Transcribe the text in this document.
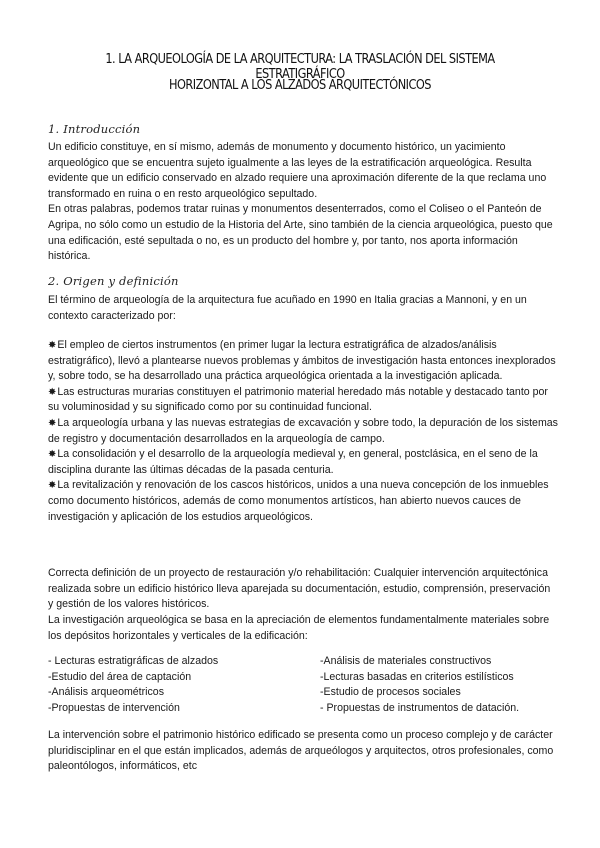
1. LA ARQUEOLOGÍA DE LA ARQUITECTURA: LA TRASLACIÓN DEL SISTEMA ESTRATIGRÁFICO
HORIZONTAL A LOS ALZADOS ARQUITECTÓNICOS
1. Introducción
Un edificio constituye, en sí mismo, además de monumento y documento histórico, un yacimiento arqueológico que se encuentra sujeto igualmente a las leyes de la estratificación arqueológica. Resulta evidente que un edificio conservado en alzado requiere una aproximación diferente de la que reclama uno transformado en ruina o en resto arqueológico sepultado.
En otras palabras, podemos tratar ruinas y monumentos desenterrados, como el Coliseo o el Panteón de Agripa, no sólo como un estudio de la Historia del Arte, sino también de la ciencia arqueológica, puesto que una edificación, esté sepultada o no, es un producto del hombre y, por tanto, nos aporta información histórica.
2. Origen y definición
El término de arqueología de la arquitectura fue acuñado en 1990 en Italia gracias a Mannoni, y en un contexto caracterizado por:
✸El empleo de ciertos instrumentos (en primer lugar la lectura estratigráfica de alzados/análisis estratigráfico), llevó a plantearse nuevos problemas y ámbitos de investigación hasta entonces inexplorados y, sobre todo, se ha desarrollado una práctica arqueológica orientada a la investigación aplicada.
✸Las estructuras murarias constituyen el patrimonio material heredado más notable y destacado tanto por su voluminosidad y su significado como por su continuidad funcional.
✸La arqueología urbana y las nuevas estrategias de excavación y sobre todo, la depuración de los sistemas de registro y documentación desarrollados en la arqueología de campo.
✸La consolidación y el desarrollo de la arqueología medieval y, en general, postclásica, en el seno de la disciplina durante las últimas décadas de la pasada centuria.
✸La revitalización y renovación de los cascos históricos, unidos a una nueva concepción de los inmuebles como documento históricos, además de como monumentos artísticos, han abierto nuevos cauces de investigación y aplicación de los estudios arqueológicos.
Correcta definición de un proyecto de restauración y/o rehabilitación: Cualquier intervención arquitectónica realizada sobre un edificio histórico lleva aparejada su documentación, estudio, comprensión, preservación y gestión de los valores históricos.
La investigación arqueológica se basa en la apreciación de elementos fundamentalmente materiales sobre los depósitos horizontales y verticales de la edificación:
- Lecturas estratigráficas de alzados	-Análisis de materiales constructivos
-Estudio del área de captación	-Lecturas basadas en criterios estilísticos
-Análisis arqueométricos	-Estudio de procesos sociales
-Propuestas de intervención	- Propuestas de instrumentos de datación.
La intervención sobre el patrimonio histórico edificado se presenta como un proceso complejo y de carácter pluridisciplinar en el que están implicados, además de arqueólogos y arquitectos, otros profesionales, como paleontólogos, informáticos, etc
